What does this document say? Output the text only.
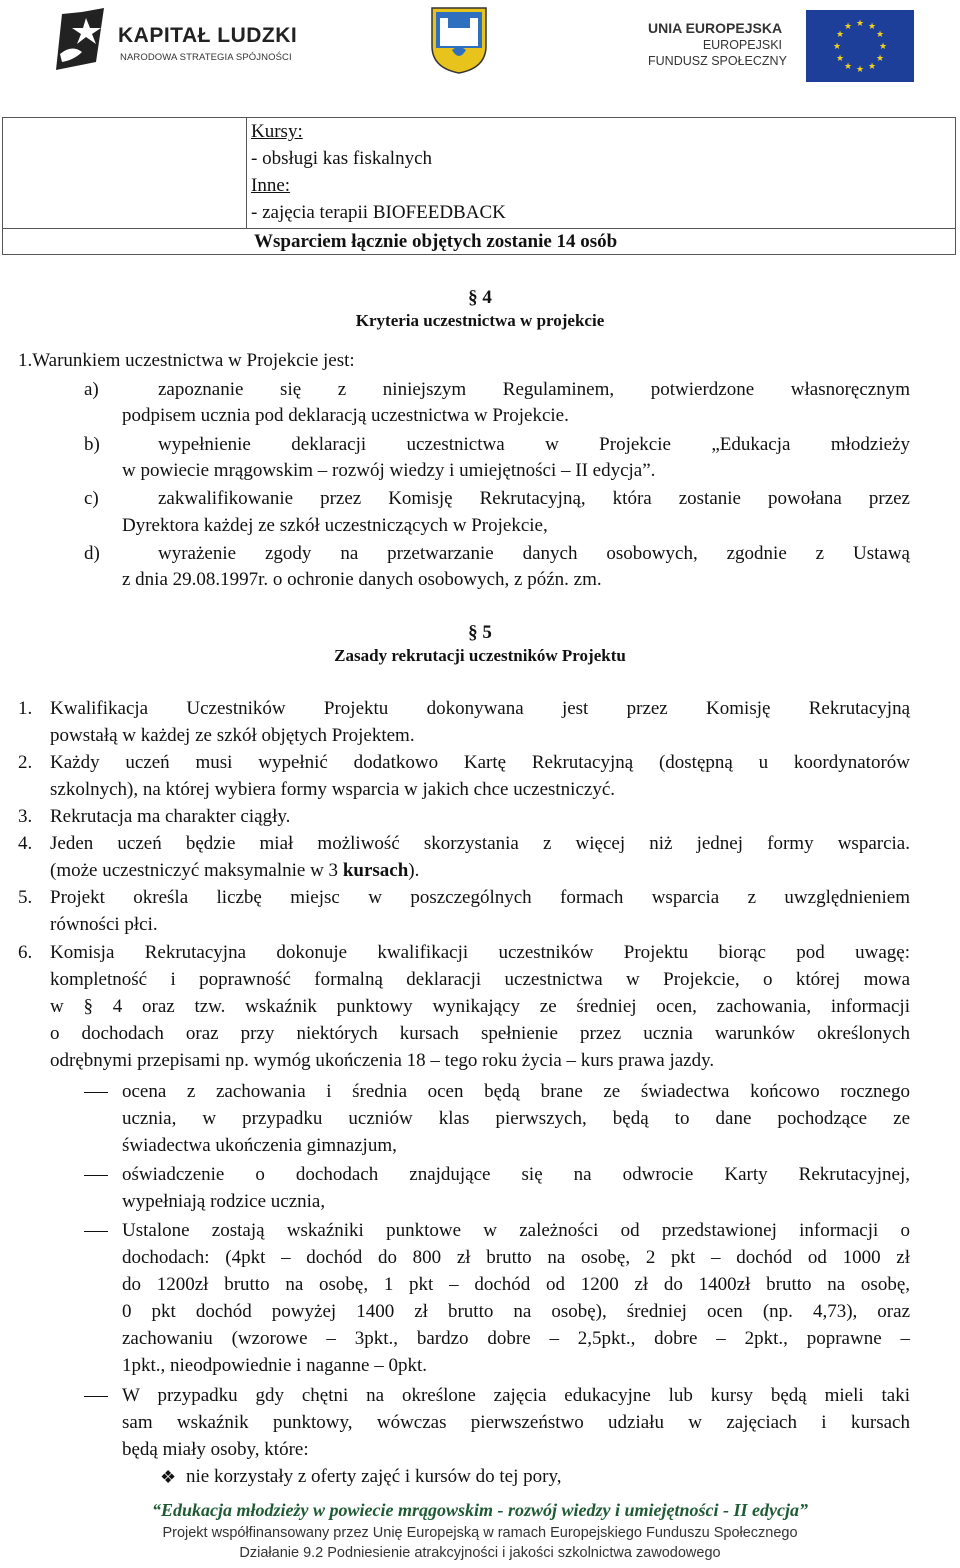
KAPITAŁ LUDZKI
NARODOWA STRATEGIA SPÓJNOŚCI
UNIA EUROPEJSKA
EUROPEJSKI
FUNDUSZ SPOŁECZNY
★ ★
★
★
★
★
★
★
★
★
★
★
Kursy:
- obsługi kas fiskalnych
Inne:
- zajęcia terapii BIOFEEDBACK
Wsparciem łącznie objętych zostanie 14 osób
§ 4
Kryteria uczestnictwa w projekcie
1.Warunkiem uczestnictwa w Projekcie jest:
a)	zapoznanie się z niniejszym Regulaminem, potwierdzone własnoręcznym
podpisem ucznia pod deklaracją uczestnictwa w Projekcie.
b)	wypełnienie deklaracji uczestnictwa w Projekcie „Edukacja młodzieży
w powiecie mrągowskim – rozwój wiedzy i umiejętności – II edycja”.
c)	zakwalifikowanie przez Komisję Rekrutacyjną, która zostanie powołana przez
Dyrektora każdej ze szkół uczestniczących w Projekcie,
d)	wyrażenie zgody na przetwarzanie danych osobowych, zgodnie z Ustawą
z dnia 29.08.1997r. o ochronie danych osobowych, z późn. zm.
§ 5
Zasady rekrutacji uczestników Projektu
1. Kwalifikacja Uczestników Projektu dokonywana jest przez Komisję Rekrutacyjną
powstałą w każdej ze szkół objętych Projektem.
2. Każdy uczeń musi wypełnić dodatkowo Kartę Rekrutacyjną (dostępną u koordynatorów
szkolnych), na której wybiera formy wsparcia w jakich chce uczestniczyć.
3. Rekrutacja ma charakter ciągły.
4. Jeden uczeń będzie miał możliwość skorzystania z więcej niż jednej formy wsparcia.
(może uczestniczyć maksymalnie w 3 kursach).
5. Projekt określa liczbę miejsc w poszczególnych formach wsparcia z uwzględnieniem
równości płci.
6. Komisja Rekrutacyjna dokonuje kwalifikacji uczestników Projektu biorąc pod uwagę:
kompletność i poprawność formalną deklaracji uczestnictwa w Projekcie, o której mowa
w § 4 oraz tzw. wskaźnik punktowy wynikający ze średniej ocen, zachowania, informacji
o dochodach oraz przy niektórych kursach spełnienie przez ucznia warunków określonych
odrębnymi przepisami np. wymóg ukończenia 18 – tego roku życia – kurs prawa jazdy.
ocena z zachowania i średnia ocen będą brane ze świadectwa końcowo rocznego
ucznia, w przypadku uczniów klas pierwszych, będą to dane pochodzące ze
świadectwa ukończenia gimnazjum,
oświadczenie o dochodach znajdujące się na odwrocie Karty Rekrutacyjnej,
wypełniają rodzice ucznia,
Ustalone zostają wskaźniki punktowe w zależności od przedstawionej informacji o
dochodach: (4pkt – dochód do 800 zł brutto na osobę, 2 pkt – dochód od 1000 zł
do 1200zł brutto na osobę, 1 pkt – dochód od 1200 zł do 1400zł brutto na osobę,
0 pkt dochód powyżej 1400 zł brutto na osobę), średniej ocen (np. 4,73), oraz
zachowaniu (wzorowe – 3pkt., bardzo dobre – 2,5pkt., dobre – 2pkt., poprawne –
1pkt., nieodpowiednie i naganne – 0pkt.
W przypadku gdy chętni na określone zajęcia edukacyjne lub kursy będą mieli taki
sam wskaźnik punktowy, wówczas pierwszeństwo udziału w zajęciach i kursach
będą miały osoby, które:
❖ nie korzystały z oferty zajęć i kursów do tej pory,
“Edukacja młodzieży w powiecie mrągowskim - rozwój wiedzy i umiejętności - II edycja”
Projekt współfinansowany przez Unię Europejską w ramach Europejskiego Funduszu Społecznego
Działanie 9.2 Podniesienie atrakcyjności i jakości szkolnictwa zawodowego
